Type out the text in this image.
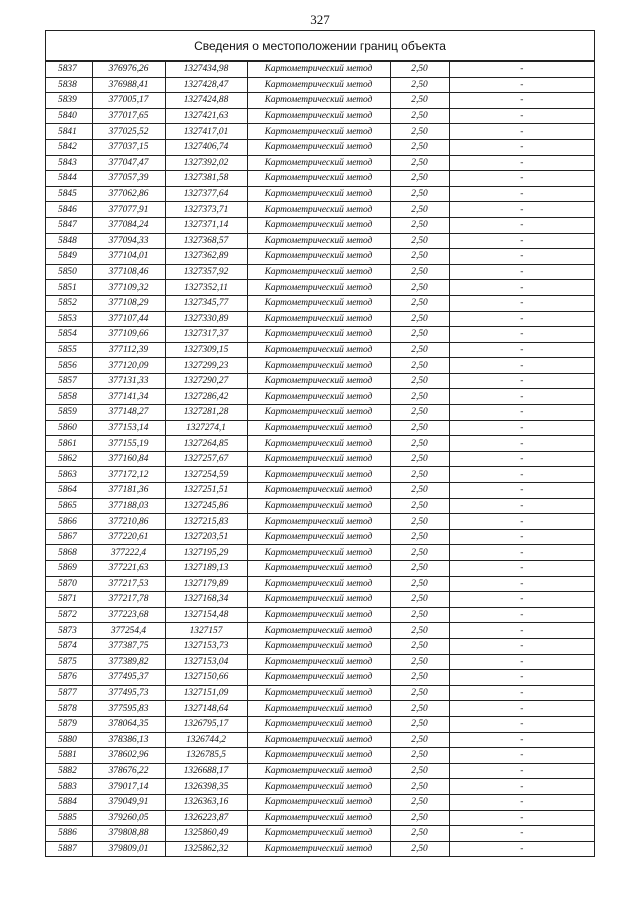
327
Сведения о местоположении границ объекта
5837	376976,26	1327434,98	Картометрический метод	2,50	-
5838	376988,41	1327428,47	Картометрический метод	2,50	-
5839	377005,17	1327424,88	Картометрический метод	2,50	-
5840	377017,65	1327421,63	Картометрический метод	2,50	-
5841	377025,52	1327417,01	Картометрический метод	2,50	-
5842	377037,15	1327406,74	Картометрический метод	2,50	-
5843	377047,47	1327392,02	Картометрический метод	2,50	-
5844	377057,39	1327381,58	Картометрический метод	2,50	-
5845	377062,86	1327377,64	Картометрический метод	2,50	-
5846	377077,91	1327373,71	Картометрический метод	2,50	-
5847	377084,24	1327371,14	Картометрический метод	2,50	-
5848	377094,33	1327368,57	Картометрический метод	2,50	-
5849	377104,01	1327362,89	Картометрический метод	2,50	-
5850	377108,46	1327357,92	Картометрический метод	2,50	-
5851	377109,32	1327352,11	Картометрический метод	2,50	-
5852	377108,29	1327345,77	Картометрический метод	2,50	-
5853	377107,44	1327330,89	Картометрический метод	2,50	-
5854	377109,66	1327317,37	Картометрический метод	2,50	-
5855	377112,39	1327309,15	Картометрический метод	2,50	-
5856	377120,09	1327299,23	Картометрический метод	2,50	-
5857	377131,33	1327290,27	Картометрический метод	2,50	-
5858	377141,34	1327286,42	Картометрический метод	2,50	-
5859	377148,27	1327281,28	Картометрический метод	2,50	-
5860	377153,14	1327274,1	Картометрический метод	2,50	-
5861	377155,19	1327264,85	Картометрический метод	2,50	-
5862	377160,84	1327257,67	Картометрический метод	2,50	-
5863	377172,12	1327254,59	Картометрический метод	2,50	-
5864	377181,36	1327251,51	Картометрический метод	2,50	-
5865	377188,03	1327245,86	Картометрический метод	2,50	-
5866	377210,86	1327215,83	Картометрический метод	2,50	-
5867	377220,61	1327203,51	Картометрический метод	2,50	-
5868	377222,4	1327195,29	Картометрический метод	2,50	-
5869	377221,63	1327189,13	Картометрический метод	2,50	-
5870	377217,53	1327179,89	Картометрический метод	2,50	-
5871	377217,78	1327168,34	Картометрический метод	2,50	-
5872	377223,68	1327154,48	Картометрический метод	2,50	-
5873	377254,4	1327157	Картометрический метод	2,50	-
5874	377387,75	1327153,73	Картометрический метод	2,50	-
5875	377389,82	1327153,04	Картометрический метод	2,50	-
5876	377495,37	1327150,66	Картометрический метод	2,50	-
5877	377495,73	1327151,09	Картометрический метод	2,50	-
5878	377595,83	1327148,64	Картометрический метод	2,50	-
5879	378064,35	1326795,17	Картометрический метод	2,50	-
5880	378386,13	1326744,2	Картометрический метод	2,50	-
5881	378602,96	1326785,5	Картометрический метод	2,50	-
5882	378676,22	1326688,17	Картометрический метод	2,50	-
5883	379017,14	1326398,35	Картометрический метод	2,50	-
5884	379049,91	1326363,16	Картометрический метод	2,50	-
5885	379260,05	1326223,87	Картометрический метод	2,50	-
5886	379808,88	1325860,49	Картометрический метод	2,50	-
5887	379809,01	1325862,32	Картометрический метод	2,50	-
